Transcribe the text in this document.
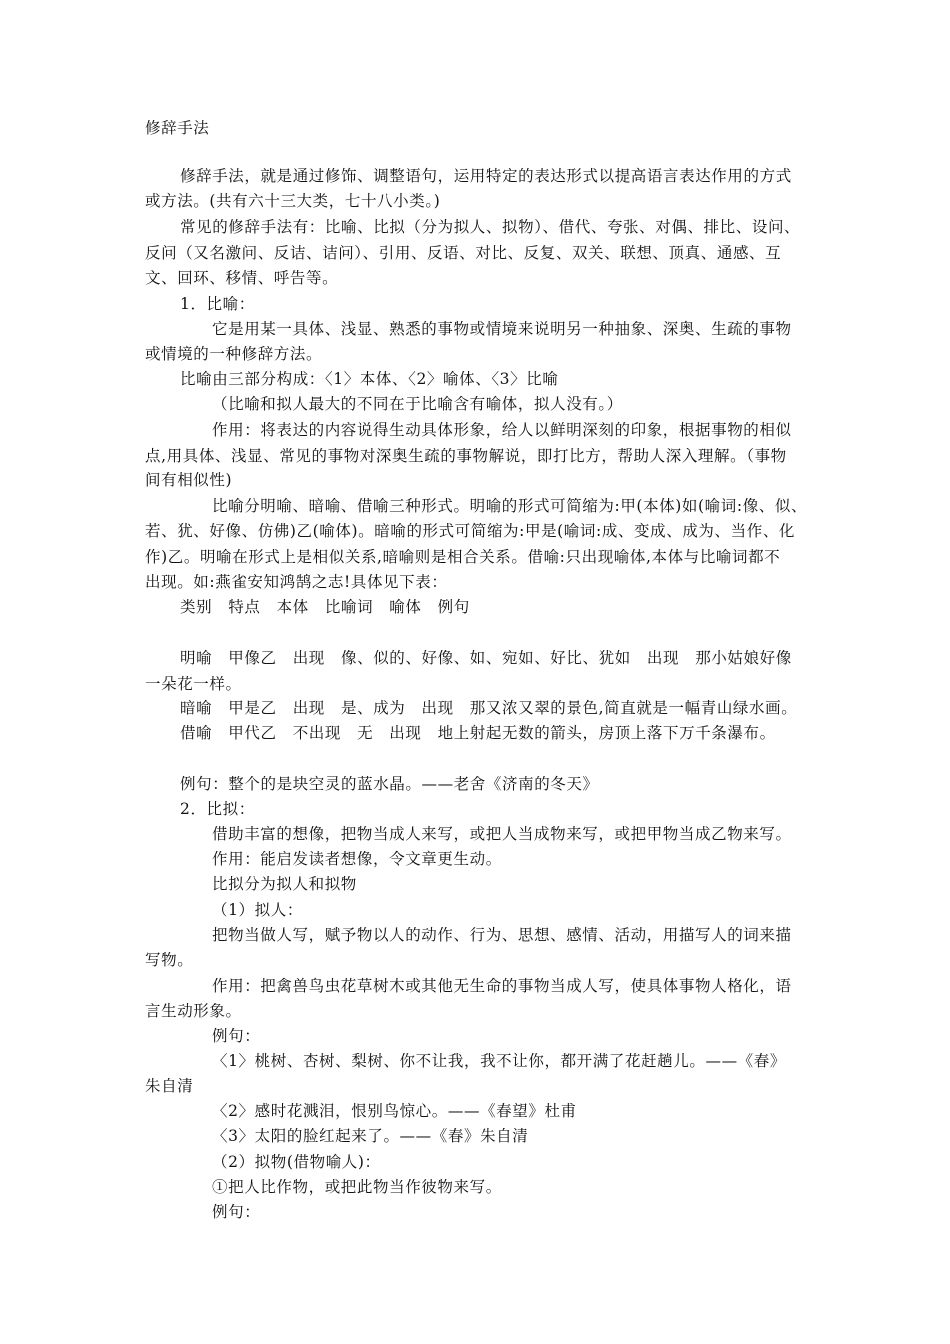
修辞手法
修辞手法，就是通过修饰、调整语句，运用特定的表达形式以提高语言表达作用的方式
或方法。(共有六十三大类，七十八小类。)
常见的修辞手法有：比喻、比拟（分为拟人、拟物）、借代、夸张、对偶、排比、设问、
反问（又名激问、反诘、诘问）、引用、反语、对比、反复、双关、联想、顶真、通感、互
文、回环、移情、呼告等。
1．比喻：
它是用某一具体、浅显、熟悉的事物或情境来说明另一种抽象、深奥、生疏的事物
或情境的一种修辞方法。
比喻由三部分构成：〈1〉本体、〈2〉喻体、〈3〉比喻
（比喻和拟人最大的不同在于比喻含有喻体，拟人没有。）
作用：将表达的内容说得生动具体形象，给人以鲜明深刻的印象，根据事物的相似
点,用具体、浅显、常见的事物对深奥生疏的事物解说，即打比方，帮助人深入理解。（事物
间有相似性)
比喻分明喻、暗喻、借喻三种形式。明喻的形式可简缩为:甲(本体)如(喻词:像、似、
若、犹、好像、仿佛)乙(喻体)。暗喻的形式可简缩为:甲是(喻词:成、变成、成为、当作、化
作)乙。明喻在形式上是相似关系,暗喻则是相合关系。借喻:只出现喻体,本体与比喻词都不
出现。如:燕雀安知鸿鹄之志!具体见下表：
类别　特点　本体　比喻词　喻体　例句
明喻　甲像乙　出现　像、似的、好像、如、宛如、好比、犹如　出现　那小姑娘好像
一朵花一样。
暗喻　甲是乙　出现　是、成为　出现　那又浓又翠的景色,简直就是一幅青山绿水画。
借喻　甲代乙　不出现　无　出现　地上射起无数的箭头，房顶上落下万千条瀑布。
例句：整个的是块空灵的蓝水晶。——老舍《济南的冬天》
2．比拟：
借助丰富的想像，把物当成人来写，或把人当成物来写，或把甲物当成乙物来写。
作用：能启发读者想像，令文章更生动。
比拟分为拟人和拟物
（1）拟人：
把物当做人写，赋予物以人的动作、行为、思想、感情、活动，用描写人的词来描
写物。
作用：把禽兽鸟虫花草树木或其他无生命的事物当成人写，使具体事物人格化，语
言生动形象。
例句：
〈1〉桃树、杏树、梨树、你不让我，我不让你，都开满了花赶趟儿。——《春》
朱自清
〈2〉感时花溅泪，恨别鸟惊心。——《春望》杜甫
〈3〉太阳的脸红起来了。——《春》朱自清
（2）拟物(借物喻人)：
①把人比作物，或把此物当作彼物来写。
例句：
